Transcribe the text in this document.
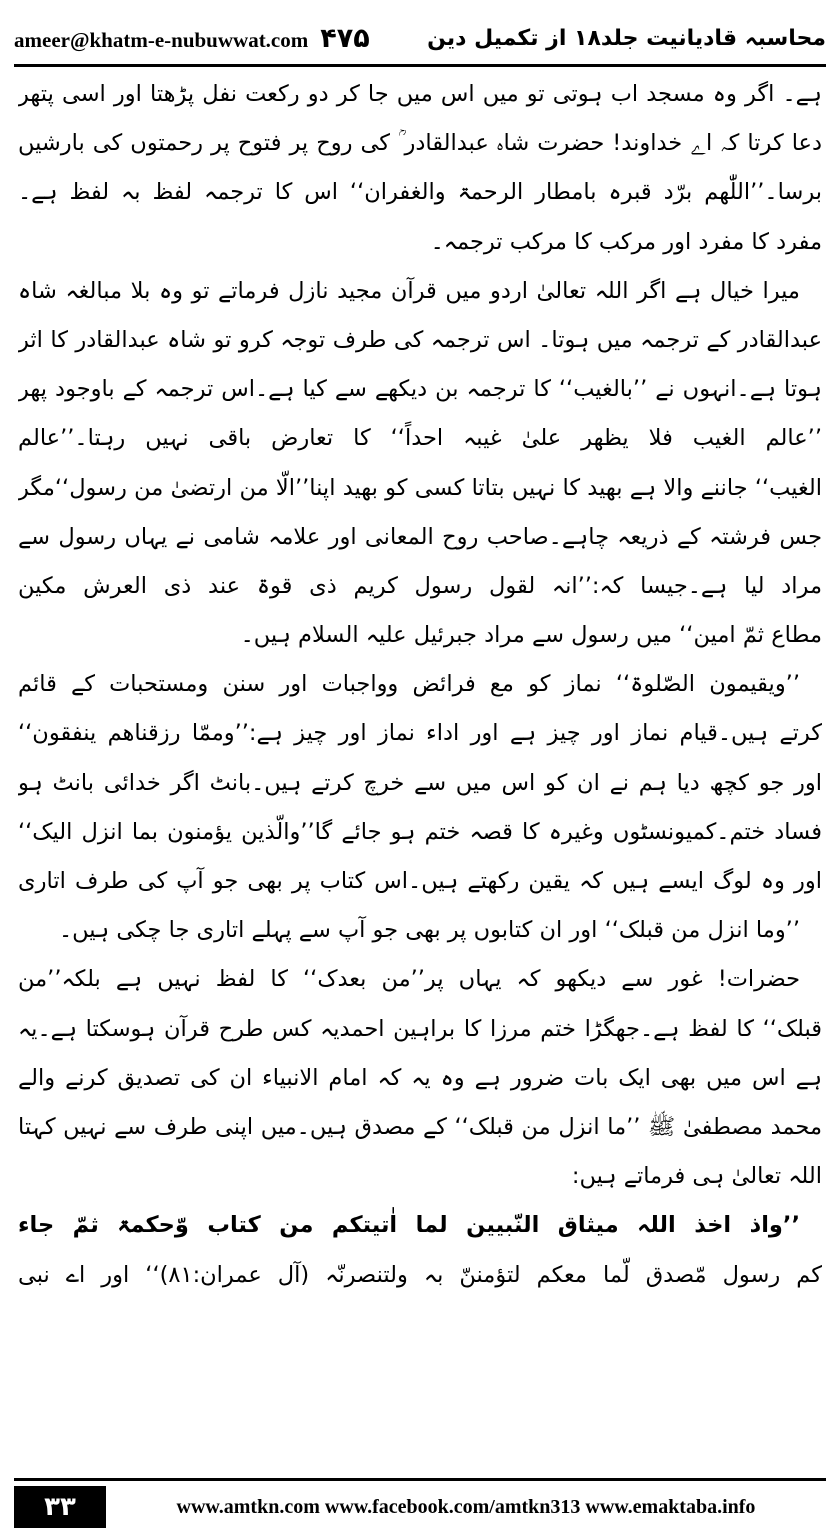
ameer@khatm-e-nubuwwat.com ۴۷۵	محاسبہ قادیانیت جلد۱۸ از تکمیل دین
ہے۔ اگر وہ مسجد اب ہوتی تو میں اس میں جا کر دو رکعت نفل پڑھتا اور اسی پتھر
دعا کرتا کہ اے خداوند! حضرت شاہ عبدالقادر ؒ کی روح پر فتوح پر رحمتوں کی بارشیں
برسا۔’’اللّٰھم برّد قبرہ بامطار الرحمۃ والغفران‘‘ اس کا ترجمہ لفظ بہ لفظ ہے۔
مفرد کا مفرد اور مرکب کا مرکب ترجمہ۔
میرا خیال ہے اگر اللہ تعالیٰ اردو میں قرآن مجید نازل فرماتے تو وہ بلا مبالغہ شاہ
عبدالقادر کے ترجمہ میں ہوتا۔ اس ترجمہ کی طرف توجہ کرو تو شاہ عبدالقادر کا اثر
ہوتا ہے۔انہوں نے ’’بالغیب‘‘ کا ترجمہ بن دیکھے سے کیا ہے۔اس ترجمہ کے باوجود پھر
’’عالم الغیب فلا یظھر علیٰ غیبہ احداً‘‘ کا تعارض باقی نہیں رہتا۔’’عالم
الغیب‘‘ جاننے والا ہے بھید کا نہیں بتاتا کسی کو بھید اپنا’’الّا من ارتضیٰ من رسول‘‘مگر
جس فرشتہ کے ذریعہ چاہے۔صاحب روح المعانی اور علامہ شامی نے یہاں رسول سے
مراد لیا ہے۔جیسا کہ:’’انہ لقول رسول کریم ذی قوۃ عند ذی العرش مکین
مطاع ثمّ امین‘‘ میں رسول سے مراد جبرئیل علیہ السلام ہیں۔
’’ویقیمون الصّلوۃ‘‘ نماز کو مع فرائض وواجبات اور سنن ومستحبات کے قائم
کرتے ہیں۔قیام نماز اور چیز ہے اور اداء نماز اور چیز ہے:’’وممّا رزقناھم ینفقون‘‘
اور جو کچھ دیا ہم نے ان کو اس میں سے خرچ کرتے ہیں۔بانٹ اگر خدائی بانٹ ہو
فساد ختم۔کمیونسٹوں وغیرہ کا قصہ ختم ہو جائے گا’’والّذین یؤمنون بما انزل الیک‘‘
اور وہ لوگ ایسے ہیں کہ یقین رکھتے ہیں۔اس کتاب پر بھی جو آپ کی طرف اتاری
’’وما انزل من قبلک‘‘ اور ان کتابوں پر بھی جو آپ سے پہلے اتاری جا چکی ہیں۔
حضرات! غور سے دیکھو کہ یہاں پر’’من بعدک‘‘ کا لفظ نہیں ہے بلکہ’’من
قبلک‘‘ کا لفظ ہے۔جھگڑا ختم مرزا کا براہین احمدیہ کس طرح قرآن ہوسکتا ہے۔یہ
ہے اس میں بھی ایک بات ضرور ہے وہ یہ کہ امام الانبیاء ان کی تصدیق کرنے والے
محمد مصطفیٰ ﷺ ’’ما انزل من قبلک‘‘ کے مصدق ہیں۔میں اپنی طرف سے نہیں کہتا
اللہ تعالیٰ ہی فرماتے ہیں:
’’واذ اخذ اللہ میثاق النّبیین لما اٰتیتکم من کتاب وّحکمۃ ثمّ جاء
کم رسول مّصدق لّما معکم لتؤمننّ بہ ولتنصرنّہ (آل عمران:۸۱)‘‘ اور اے نبی
۳۳	www.amtkn.com www.facebook.com/amtkn313 www.emaktaba.info
